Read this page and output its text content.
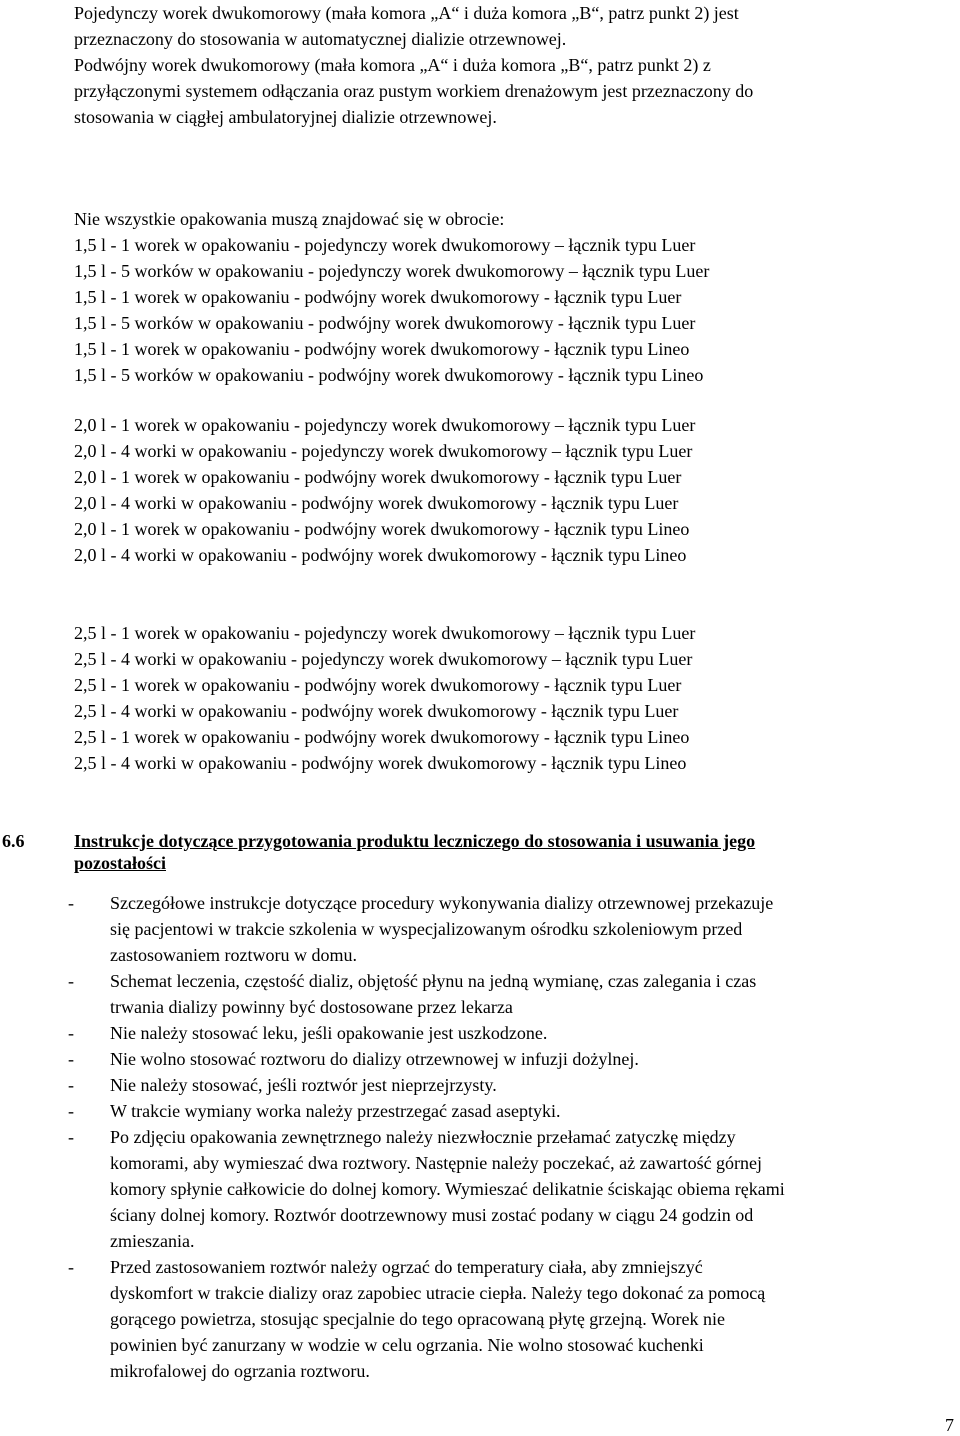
Pojedynczy worek dwukomorowy (mała komora „A“ i duża komora „B“, patrz punkt 2) jest
przeznaczony do stosowania w automatycznej dializie otrzewnowej.
Podwójny worek dwukomorowy (mała komora „A“ i duża komora „B“, patrz punkt 2) z
przyłączonymi systemem odłączania oraz pustym workiem drenażowym jest przeznaczony do
stosowania w ciągłej ambulatoryjnej dializie otrzewnowej.
Nie wszystkie opakowania muszą znajdować się w obrocie:
1,5 l - 1 worek w opakowaniu - pojedynczy worek dwukomorowy – łącznik typu Luer
1,5 l - 5 worków w opakowaniu - pojedynczy worek dwukomorowy – łącznik typu Luer
1,5 l - 1 worek w opakowaniu - podwójny worek dwukomorowy - łącznik typu Luer
1,5 l - 5 worków w opakowaniu - podwójny worek dwukomorowy - łącznik typu Luer
1,5 l - 1 worek w opakowaniu - podwójny worek dwukomorowy - łącznik typu Lineo
1,5 l - 5 worków w opakowaniu - podwójny worek dwukomorowy - łącznik typu Lineo
2,0 l - 1 worek w opakowaniu - pojedynczy worek dwukomorowy – łącznik typu Luer
2,0 l - 4 worki w opakowaniu - pojedynczy worek dwukomorowy – łącznik typu Luer
2,0 l - 1 worek w opakowaniu - podwójny worek dwukomorowy - łącznik typu Luer
2,0 l - 4 worki w opakowaniu - podwójny worek dwukomorowy - łącznik typu Luer
2,0 l - 1 worek w opakowaniu - podwójny worek dwukomorowy - łącznik typu Lineo
2,0 l - 4 worki w opakowaniu - podwójny worek dwukomorowy - łącznik typu Lineo
2,5 l - 1 worek w opakowaniu - pojedynczy worek dwukomorowy – łącznik typu Luer
2,5 l - 4 worki w opakowaniu - pojedynczy worek dwukomorowy – łącznik typu Luer
2,5 l - 1 worek w opakowaniu - podwójny worek dwukomorowy - łącznik typu Luer
2,5 l - 4 worki w opakowaniu - podwójny worek dwukomorowy - łącznik typu Luer
2,5 l - 1 worek w opakowaniu - podwójny worek dwukomorowy - łącznik typu Lineo
2,5 l - 4 worki w opakowaniu - podwójny worek dwukomorowy - łącznik typu Lineo
6.6	Instrukcje dotyczące przygotowania produktu leczniczego do stosowania i usuwania jego
pozostałości
- Szczegółowe instrukcje dotyczące procedury wykonywania dializy otrzewnowej przekazuje
się pacjentowi w trakcie szkolenia w wyspecjalizowanym ośrodku szkoleniowym przed
zastosowaniem roztworu w domu.
- Schemat leczenia, częstość dializ, objętość płynu na jedną wymianę, czas zalegania i czas
trwania dializy powinny być dostosowane przez lekarza
- Nie należy stosować leku, jeśli opakowanie jest uszkodzone.
- Nie wolno stosować roztworu do dializy otrzewnowej w infuzji dożylnej.
- Nie należy stosować, jeśli roztwór jest nieprzejrzysty.
- W trakcie wymiany worka należy przestrzegać zasad aseptyki.
- Po zdjęciu opakowania zewnętrznego należy niezwłocznie przełamać zatyczkę między
komorami, aby wymieszać dwa roztwory. Następnie należy poczekać, aż zawartość górnej
komory spłynie całkowicie do dolnej komory. Wymieszać delikatnie ściskając obiema rękami
ściany dolnej komory. Roztwór dootrzewnowy musi zostać podany w ciągu 24 godzin od
zmieszania.
- Przed zastosowaniem roztwór należy ogrzać do temperatury ciała, aby zmniejszyć
dyskomfort w trakcie dializy oraz zapobiec utracie ciepła. Należy tego dokonać za pomocą
gorącego powietrza, stosując specjalnie do tego opracowaną płytę grzejną. Worek nie
powinien być zanurzany w wodzie w celu ogrzania. Nie wolno stosować kuchenki
mikrofalowej do ogrzania roztworu.
7
